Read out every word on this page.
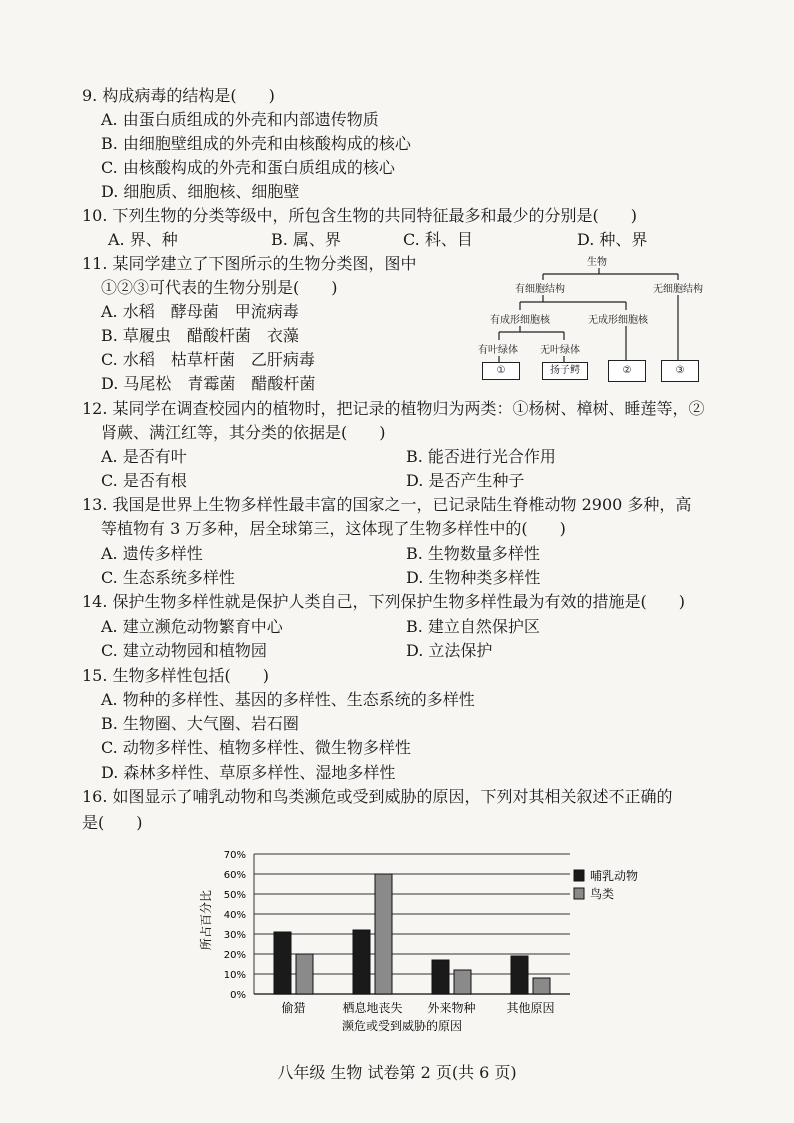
9. 构成病毒的结构是(　　)
A. 由蛋白质组成的外壳和内部遗传物质
B. 由细胞壁组成的外壳和由核酸构成的核心
C. 由核酸构成的外壳和蛋白质组成的核心
D. 细胞质、细胞核、细胞壁
10. 下列生物的分类等级中，所包含生物的共同特征最多和最少的分别是(　　)
A. 界、种	B. 属、界	C. 科、目	D. 种、界
11. 某同学建立了下图所示的生物分类图，图中
①②③可代表的生物分别是(　　)
A. 水稻　酵母菌　甲流病毒
B. 草履虫　醋酸杆菌　衣藻
C. 水稻　枯草杆菌　乙肝病毒
D. 马尾松　青霉菌　醋酸杆菌
生物
有细胞结构	无细胞结构
有成形细胞核	无成形细胞核
有叶绿体 无叶绿体
①	扬子鳄	②	③
12. 某同学在调查校园内的植物时，把记录的植物归为两类：①杨树、樟树、睡莲等，②
肾蕨、满江红等，其分类的依据是(　　)
A. 是否有叶	B. 能否进行光合作用
C. 是否有根	D. 是否产生种子
13. 我国是世界上生物多样性最丰富的国家之一，已记录陆生脊椎动物 2900 多种，高
等植物有 3 万多种，居全球第三，这体现了生物多样性中的(　　)
A. 遗传多样性	B. 生物数量多样性
C. 生态系统多样性	D. 生物种类多样性
14. 保护生物多样性就是保护人类自己，下列保护生物多样性最为有效的措施是(　　)
A. 建立濒危动物繁育中心	B. 建立自然保护区
C. 建立动物园和植物园	D. 立法保护
15. 生物多样性包括(　　)
A. 物种的多样性、基因的多样性、生态系统的多样性
B. 生物圈、大气圈、岩石圈
C. 动物多样性、植物多样性、微生物多样性
D. 森林多样性、草原多样性、湿地多样性
16. 如图显示了哺乳动物和鸟类濒危或受到威胁的原因，下列对其相关叙述不正确的
是(　　)
0%
10%
20%
30%
40%
50%
60%
70%
偷猎	栖息地丧失 外来物种	其他原因
所占百分比
濒危或受到威胁的原因
哺乳动物
鸟类
八年级 生物 试卷第 2 页(共 6 页)
